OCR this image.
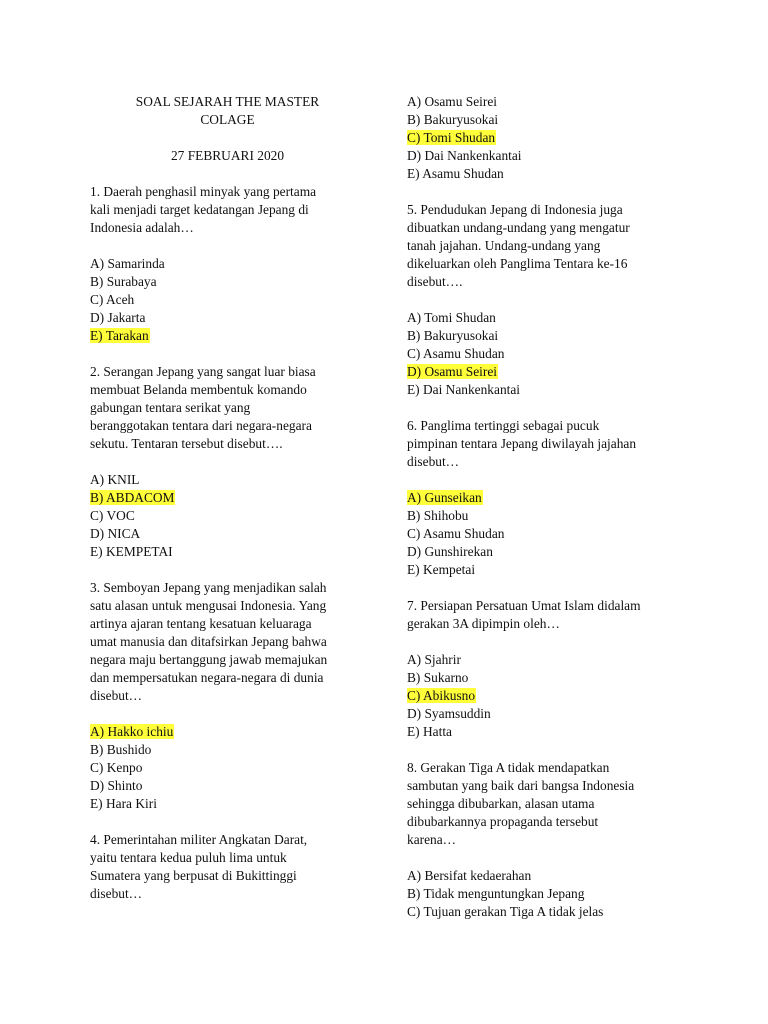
SOAL SEJARAH THE MASTER
COLAGE
27 FEBRUARI 2020
1. Daerah penghasil minyak yang pertama
kali menjadi target kedatangan Jepang di
Indonesia adalah…
A) Samarinda
B) Surabaya
C) Aceh
D) Jakarta
E) Tarakan
2. Serangan Jepang yang sangat luar biasa
membuat Belanda membentuk komando
gabungan tentara serikat yang
beranggotakan tentara dari negara-negara
sekutu. Tentaran tersebut disebut….
A) KNIL
B) ABDACOM
C) VOC
D) NICA
E) KEMPETAI
3. Semboyan Jepang yang menjadikan salah
satu alasan untuk mengusai Indonesia. Yang
artinya ajaran tentang kesatuan keluaraga
umat manusia dan ditafsirkan Jepang bahwa
negara maju bertanggung jawab memajukan
dan mempersatukan negara-negara di dunia
disebut…
A) Hakko ichiu
B) Bushido
C) Kenpo
D) Shinto
E) Hara Kiri
4. Pemerintahan militer Angkatan Darat,
yaitu tentara kedua puluh lima untuk
Sumatera yang berpusat di Bukittinggi
disebut…
A) Osamu Seirei
B) Bakuryusokai
C) Tomi Shudan
D) Dai Nankenkantai
E) Asamu Shudan
5. Pendudukan Jepang di Indonesia juga
dibuatkan undang-undang yang mengatur
tanah jajahan. Undang-undang yang
dikeluarkan oleh Panglima Tentara ke-16
disebut….
A) Tomi Shudan
B) Bakuryusokai
C) Asamu Shudan
D) Osamu Seirei
E) Dai Nankenkantai
6. Panglima tertinggi sebagai pucuk
pimpinan tentara Jepang diwilayah jajahan
disebut…
A) Gunseikan
B) Shihobu
C) Asamu Shudan
D) Gunshirekan
E) Kempetai
7. Persiapan Persatuan Umat Islam didalam
gerakan 3A dipimpin oleh…
A) Sjahrir
B) Sukarno
C) Abikusno
D) Syamsuddin
E) Hatta
8. Gerakan Tiga A tidak mendapatkan
sambutan yang baik dari bangsa Indonesia
sehingga dibubarkan, alasan utama
dibubarkannya propaganda tersebut
karena…
A) Bersifat kedaerahan
B) Tidak menguntungkan Jepang
C) Tujuan gerakan Tiga A tidak jelas
